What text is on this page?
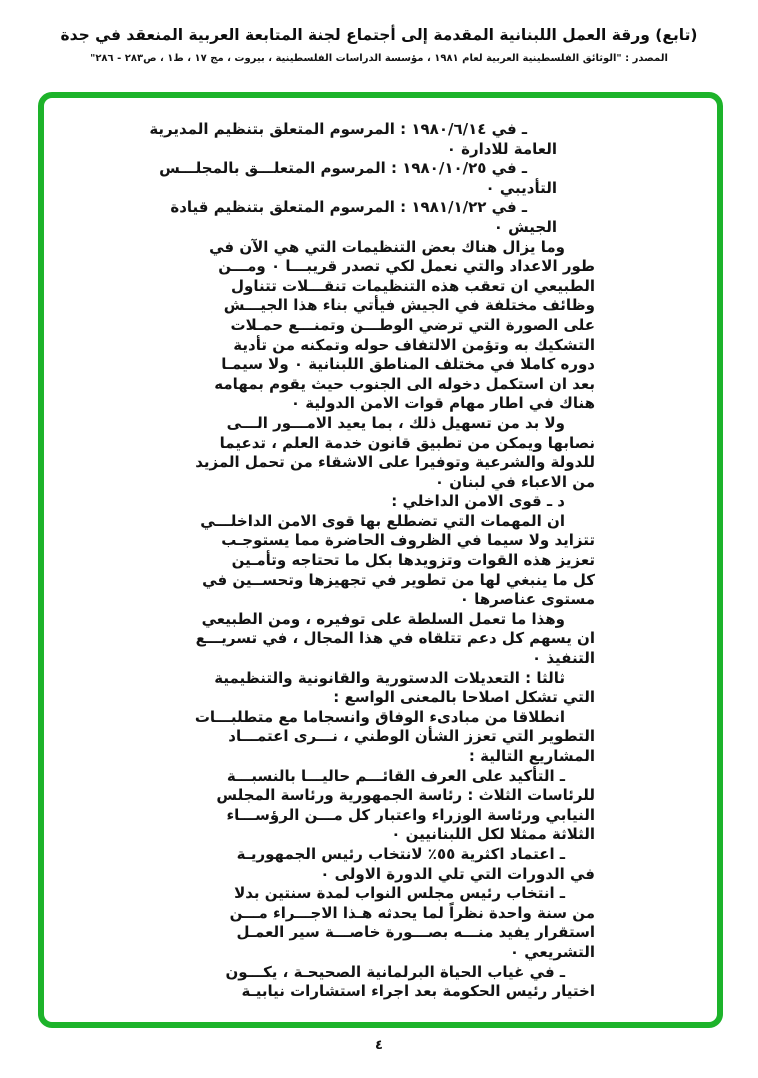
(تابع) ورقة العمل اللبنانية المقدمة إلى أجتماع لجنة المتابعة العربية المنعقد في جدة
المصدر : "الوثائق الفلسطينية العربية لعام ١٩٨١ ، مؤسسة الدراسات الفلسطينية ، بيروت ، مج ١٧ ، ط١ ، ص٢٨٣ - ٢٨٦"
ـ في ١٩٨٠/٦/١٤ : المرسوم المتعلق بتنظيم المديرية
العامة للادارة ٠
ـ في ١٩٨٠/١٠/٢٥ : المرسوم المتعلـــق بالمجلـــس
التأديبي ٠
ـ في ١٩٨١/١/٢٢ : المرسوم المتعلق بتنظيم قيادة
الجيش ٠
وما يزال هناك بعض التنظيمات التي هي الآن في
طور الاعداد والتي نعمل لكي تصدر قريبـــا ٠ ومـــن
الطبيعي ان تعقب هذه التنظيمات تنقـــلات تتناول
وظائف مختلفة في الجيش فيأتي بناء هذا الجيـــش
على الصورة التي ترضي الوطـــن وتمنـــع حمـلات
التشكيك به وتؤمن الالتفاف حوله وتمكنه من تأدية
دوره كاملا في مختلف المناطق اللبنانية ٠ ولا سيمـا
بعد ان استكمل دخوله الى الجنوب حيث يقوم بمهامه
هناك في اطار مهام قوات الامن الدولية ٠
ولا بد من تسهيل ذلك ، بما يعيد الامـــور الـــى
نصابها ويمكن من تطبيق قانون خدمة العلم ، تدعيما
للدولة والشرعية وتوفيرا على الاشقاء من تحمل المزيد
من الاعباء في لبنان ٠
د ـ قوى الامن الداخلي :
ان المهمات التي تضطلع بها قوى الامن الداخلـــي
تتزايد ولا سيما في الظروف الحاضرة مما يستوجـب
تعزيز هذه القوات وتزويدها بكل ما تحتاجه وتأمـين
كل ما ينبغي لها من تطوير في تجهيزها وتحســين في
مستوى عناصرها ٠
وهذا ما تعمل السلطة على توفيره ، ومن الطبيعي
ان يسهم كل دعم تتلقاه في هذا المجال ، في تسريـــع
التنفيذ ٠
ثالثا : التعديلات الدستورية والقانونية والتنظيمية
التي تشكل اصلاحا بالمعنى الواسع :
انطلاقا من مبادىء الوفاق وانسجاما مع متطلبـــات
التطوير التي تعزز الشأن الوطني ، نـــرى اعتمـــاد
المشاريع التالية :
ـ التأكيد على العرف القائـــم حاليـــا بالنسبـــة
للرئاسات الثلاث : رئاسة الجمهورية ورئاسة المجلس
النيابي ورئاسة الوزراء واعتبار كل مـــن الرؤســـاء
الثلاثة ممثلا لكل اللبنانيين ٠
ـ اعتماد اكثرية ٥٥٪ لانتخاب رئيس الجمهوريـة
في الدورات التي تلي الدورة الاولى ٠
ـ انتخاب رئيس مجلس النواب لمدة سنتين بدلا
من سنة واحدة نظراً لما يحدثه هـذا الاجـــراء مـــن
استقرار يفيد منـــه بصـــورة خاصـــة سير العمـل
التشريعي ٠
ـ في غياب الحياة البرلمانية الصحيحـة ، يكـــون
اختيار رئيس الحكومة بعد اجراء استشارات نيابيـة
٤
